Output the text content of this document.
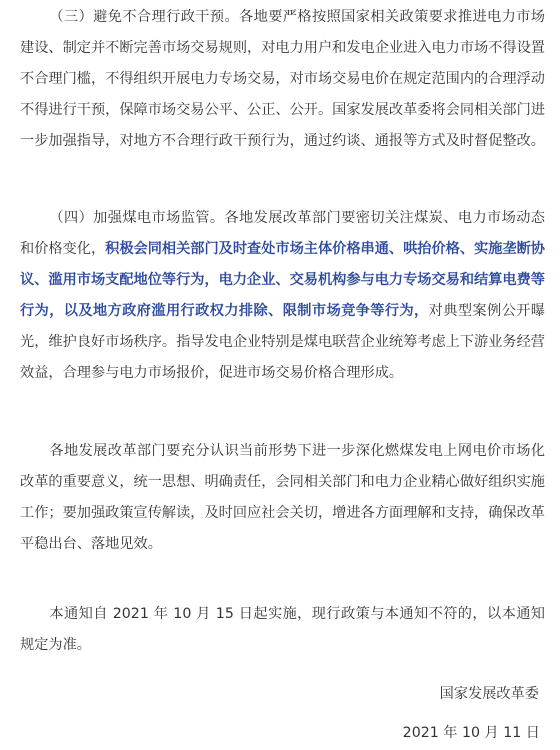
（三）避免不合理行政干预。各地要严格按照国家相关政策要求推进电力市场建设、制定并不断完善市场交易规则，对电力用户和发电企业进入电力市场不得设置不合理门槛，不得组织开展电力专场交易，对市场交易电价在规定范围内的合理浮动不得进行干预，保障市场交易公平、公正、公开。国家发展改革委将会同相关部门进一步加强指导，对地方不合理行政干预行为，通过约谈、通报等方式及时督促整改。

（四）加强煤电市场监管。各地发展改革部门要密切关注煤炭、电力市场动态和价格变化，积极会同相关部门及时查处市场主体价格串通、哄抬价格、实施垄断协议、滥用市场支配地位等行为，电力企业、交易机构参与电力专场交易和结算电费等行为，以及地方政府滥用行政权力排除、限制市场竞争等行为，对典型案例公开曝光，维护良好市场秩序。指导发电企业特别是煤电联营企业统筹考虑上下游业务经营效益，合理参与电力市场报价，促进市场交易价格合理形成。

各地发展改革部门要充分认识当前形势下进一步深化燃煤发电上网电价市场化改革的重要意义，统一思想、明确责任，会同相关部门和电力企业精心做好组织实施工作；要加强政策宣传解读，及时回应社会关切，增进各方面理解和支持，确保改革平稳出台、落地见效。

本通知自 2021 年 10 月 15 日起实施，现行政策与本通知不符的，以本通知规定为准。

国家发展改革委

2021 年 10 月 11 日
